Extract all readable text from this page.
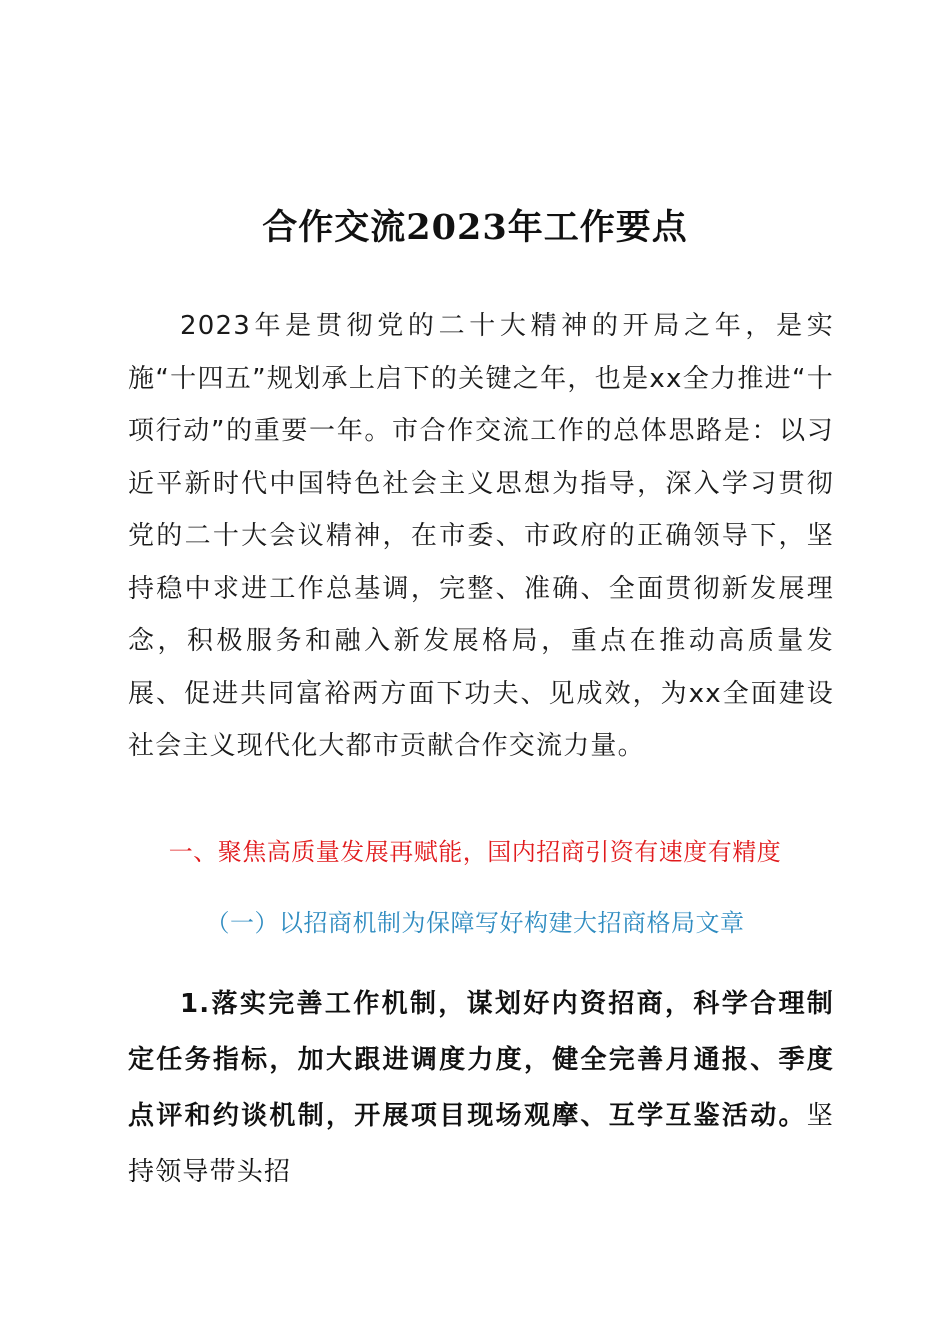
合作交流2023年工作要点

2023年是贯彻党的二十大精神的开局之年，是实施“十四五”规划承上启下的关键之年，也是xx全力推进“十项行动”的重要一年。市合作交流工作的总体思路是：以习近平新时代中国特色社会主义思想为指导，深入学习贯彻党的二十大会议精神，在市委、市政府的正确领导下，坚持稳中求进工作总基调，完整、准确、全面贯彻新发展理念，积极服务和融入新发展格局，重点在推动高质量发展、促进共同富裕两方面下功夫、见成效，为xx全面建设社会主义现代化大都市贡献合作交流力量。

一、聚焦高质量发展再赋能，国内招商引资有速度有精度
（一）以招商机制为保障写好构建大招商格局文章

1.落实完善工作机制，谋划好内资招商，科学合理制定任务指标，加大跟进调度力度，健全完善月通报、季度点评和约谈机制，开展项目现场观摩、互学互鉴活动。坚持领导带头招
